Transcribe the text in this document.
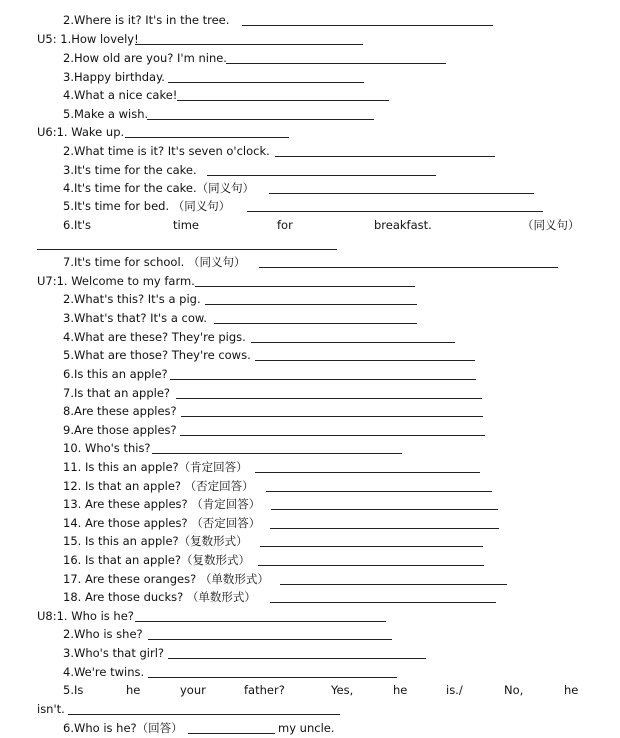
2.Where is it? It's in the tree.
U5: 1.How lovely!
2.How old are you? I'm nine.
3.Happy birthday.
4.What a nice cake!
5.Make a wish.
U6:1. Wake up.
2.What time is it? It's seven o'clock.
3.It's time for the cake.
4.It's time for the cake.（同义句）
5.It's time for bed. （同义句）
6.It's	time	for	breakfast.	（同义句）
7.It's time for school. （同义句）
U7:1. Welcome to my farm.
2.What's this? It's a pig.
3.What's that? It's a cow.
4.What are these? They're pigs.
5.What are those? They're cows.
6.Is this an apple?
7.Is that an apple?
8.Are these apples?
9.Are those apples?
10. Who's this?
11. Is this an apple?（肯定回答）
12. Is that an apple? （否定回答）
13. Are these apples? （肯定回答）
14. Are those apples? （否定回答）
15. Is this an apple?（复数形式）
16. Is that an apple?（复数形式）
17. Are these oranges? （单数形式）
18. Are those ducks? （单数形式）
U8:1. Who is he?
2.Who is she?
3.Who's that girl?
4.We're twins.
5.Is	he	your	father?	Yes,	he	is./	No,	he
isn't.
6.Who is he?（回答）	my uncle.
